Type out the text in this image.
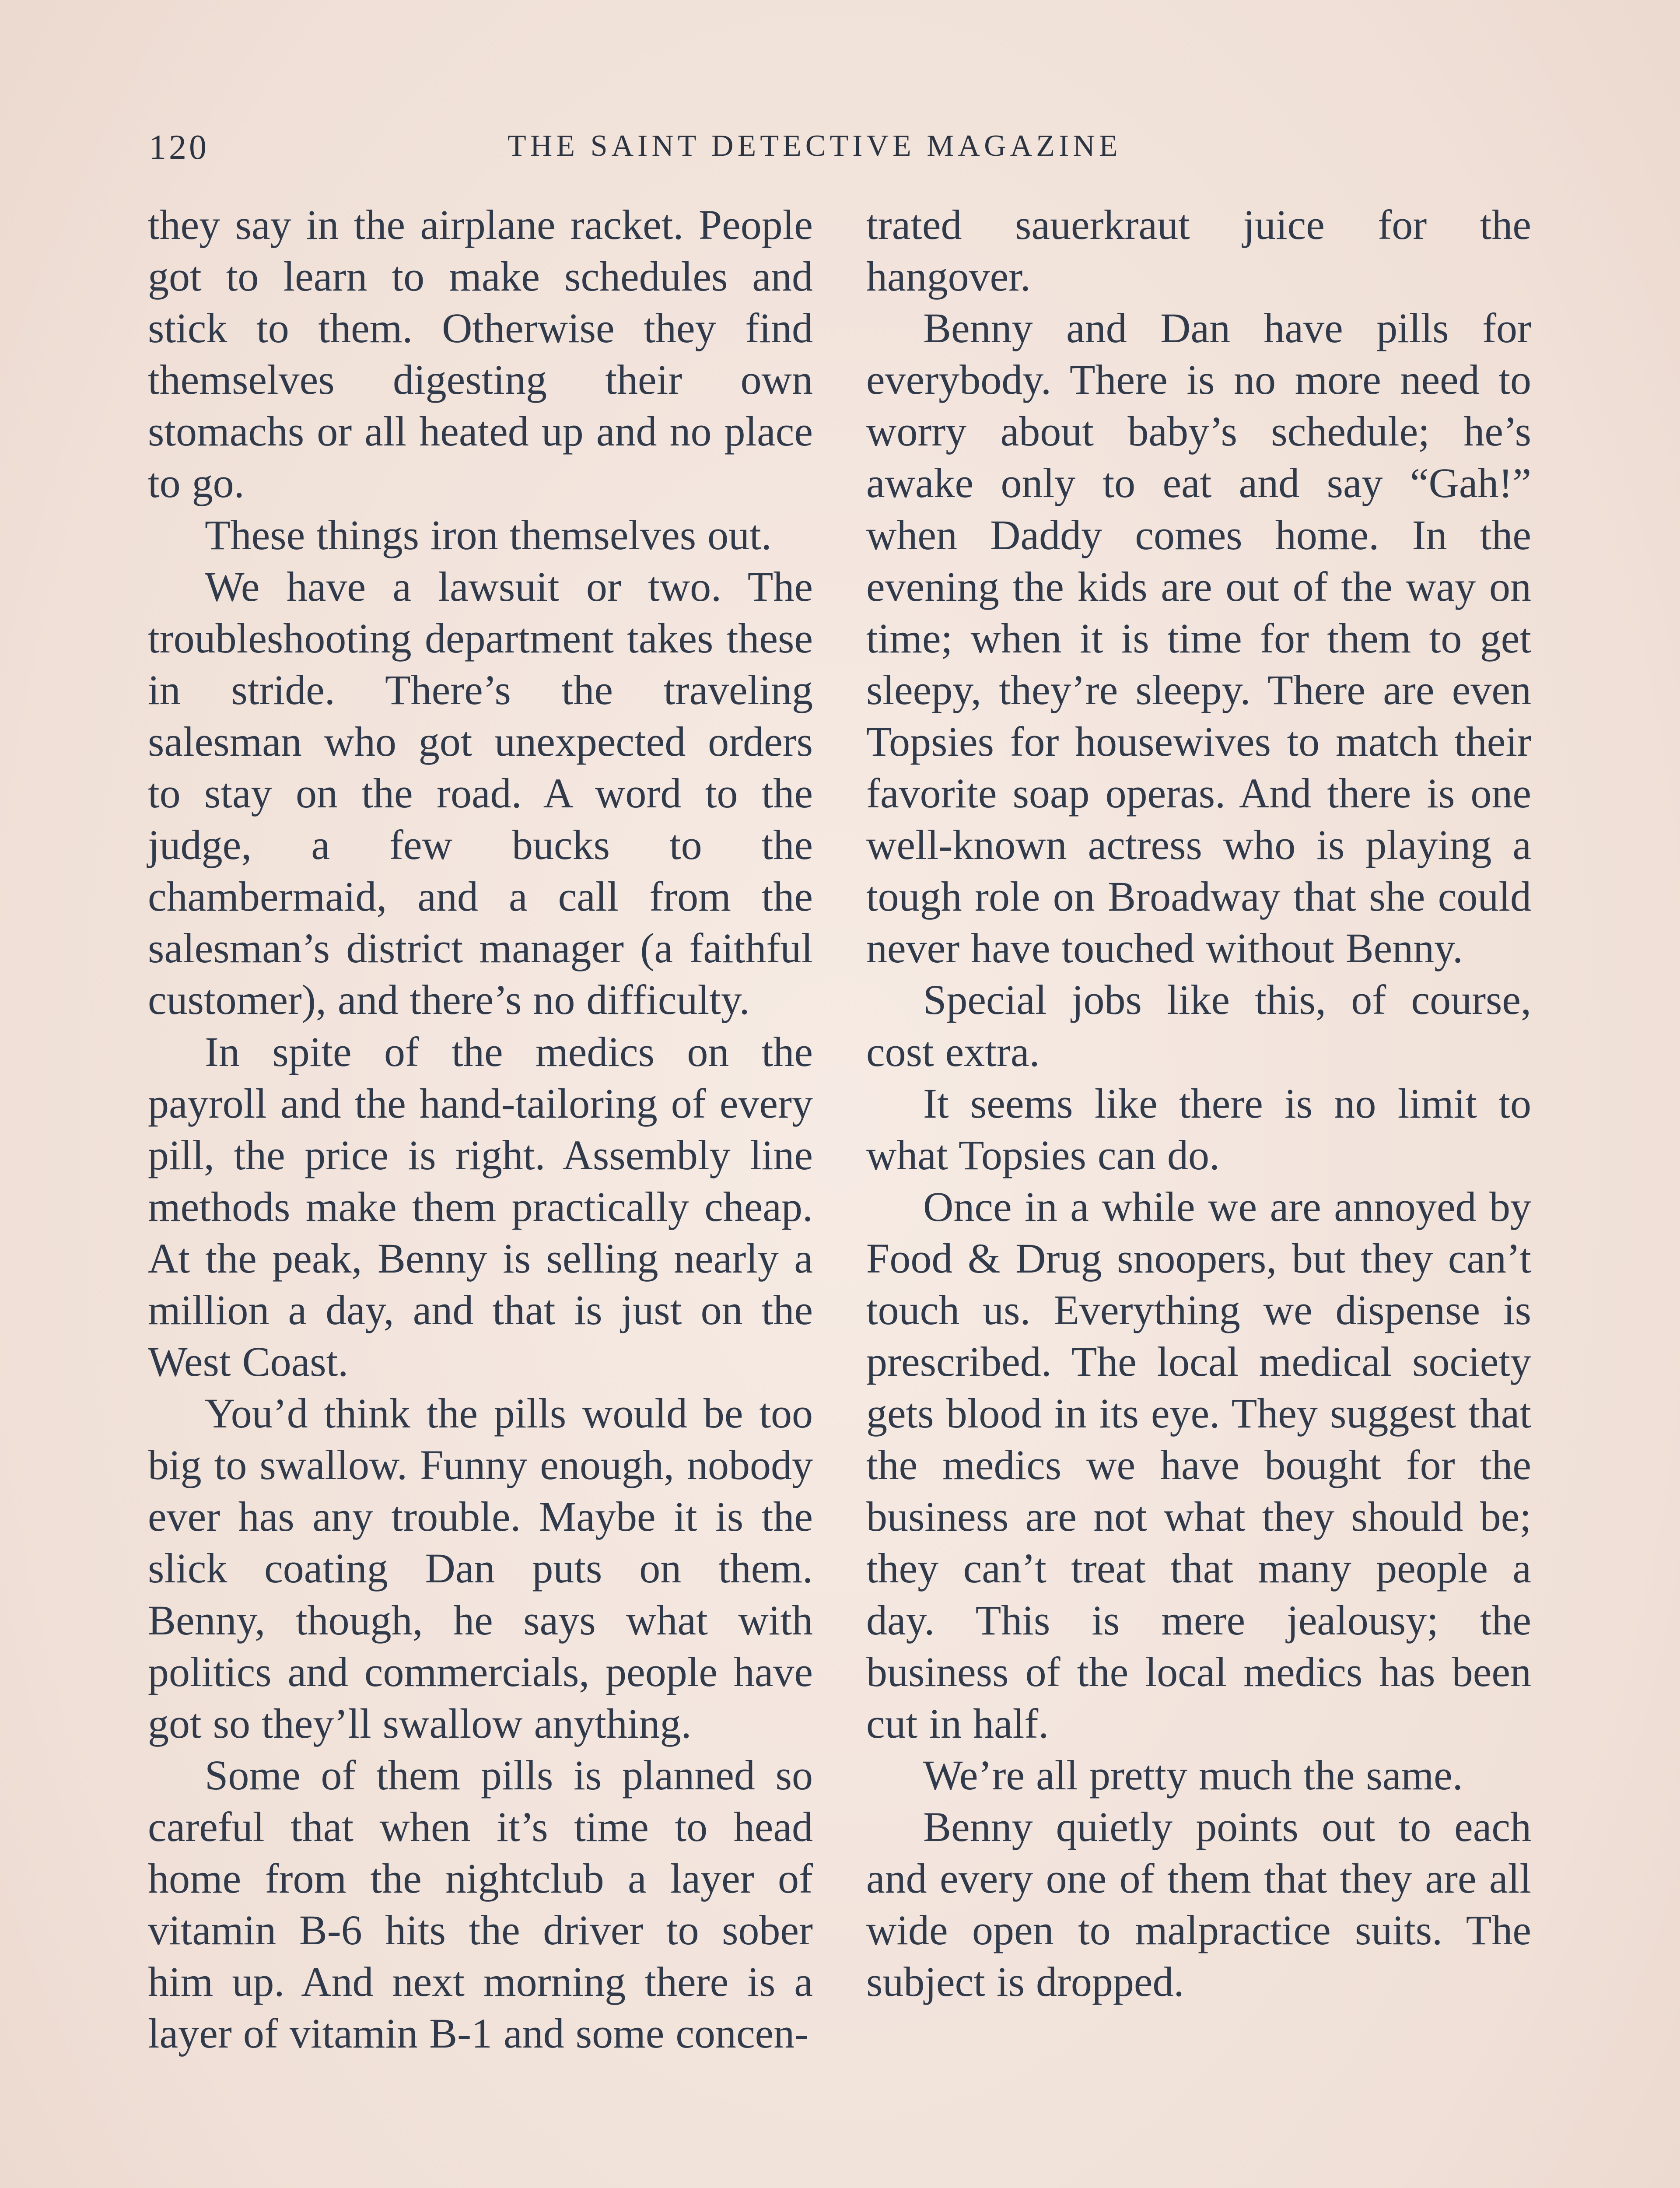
120	THE SAINT DETECTIVE MAGAZINE

they say in the airplane racket. People got to learn to make schedules and stick to them. Otherwise they find themselves digesting their own stomachs or all heated up and no place to go.

These things iron themselves out.

We have a lawsuit or two. The troubleshooting department takes these in stride. There’s the traveling salesman who got unexpected orders to stay on the road. A word to the judge, a few bucks to the chambermaid, and a call from the salesman’s district manager (a faithful customer), and there’s no difficulty.

In spite of the medics on the payroll and the hand-tailoring of every pill, the price is right. Assembly line methods make them practically cheap. At the peak, Benny is selling nearly a million a day, and that is just on the West Coast.

You’d think the pills would be too big to swallow. Funny enough, nobody ever has any trouble. Maybe it is the slick coating Dan puts on them. Benny, though, he says what with politics and commercials, people have got so they’ll swallow anything.

Some of them pills is planned so careful that when it’s time to head home from the nightclub a layer of vitamin B-6 hits the driver to sober him up. And next morning there is a layer of vitamin B-1 and some concen-

trated sauerkraut juice for the hangover.

Benny and Dan have pills for everybody. There is no more need to worry about baby’s schedule; he’s awake only to eat and say “Gah!” when Daddy comes home. In the evening the kids are out of the way on time; when it is time for them to get sleepy, they’re sleepy. There are even Topsies for housewives to match their favorite soap operas. And there is one well-known actress who is playing a tough role on Broadway that she could never have touched without Benny.

Special jobs like this, of course, cost extra.

It seems like there is no limit to what Topsies can do.

Once in a while we are annoyed by Food & Drug snoopers, but they can’t touch us. Everything we dispense is prescribed. The local medical society gets blood in its eye. They suggest that the medics we have bought for the business are not what they should be; they can’t treat that many people a day. This is mere jealousy; the business of the local medics has been cut in half.

We’re all pretty much the same.

Benny quietly points out to each and every one of them that they are all wide open to malpractice suits. The subject is dropped.
